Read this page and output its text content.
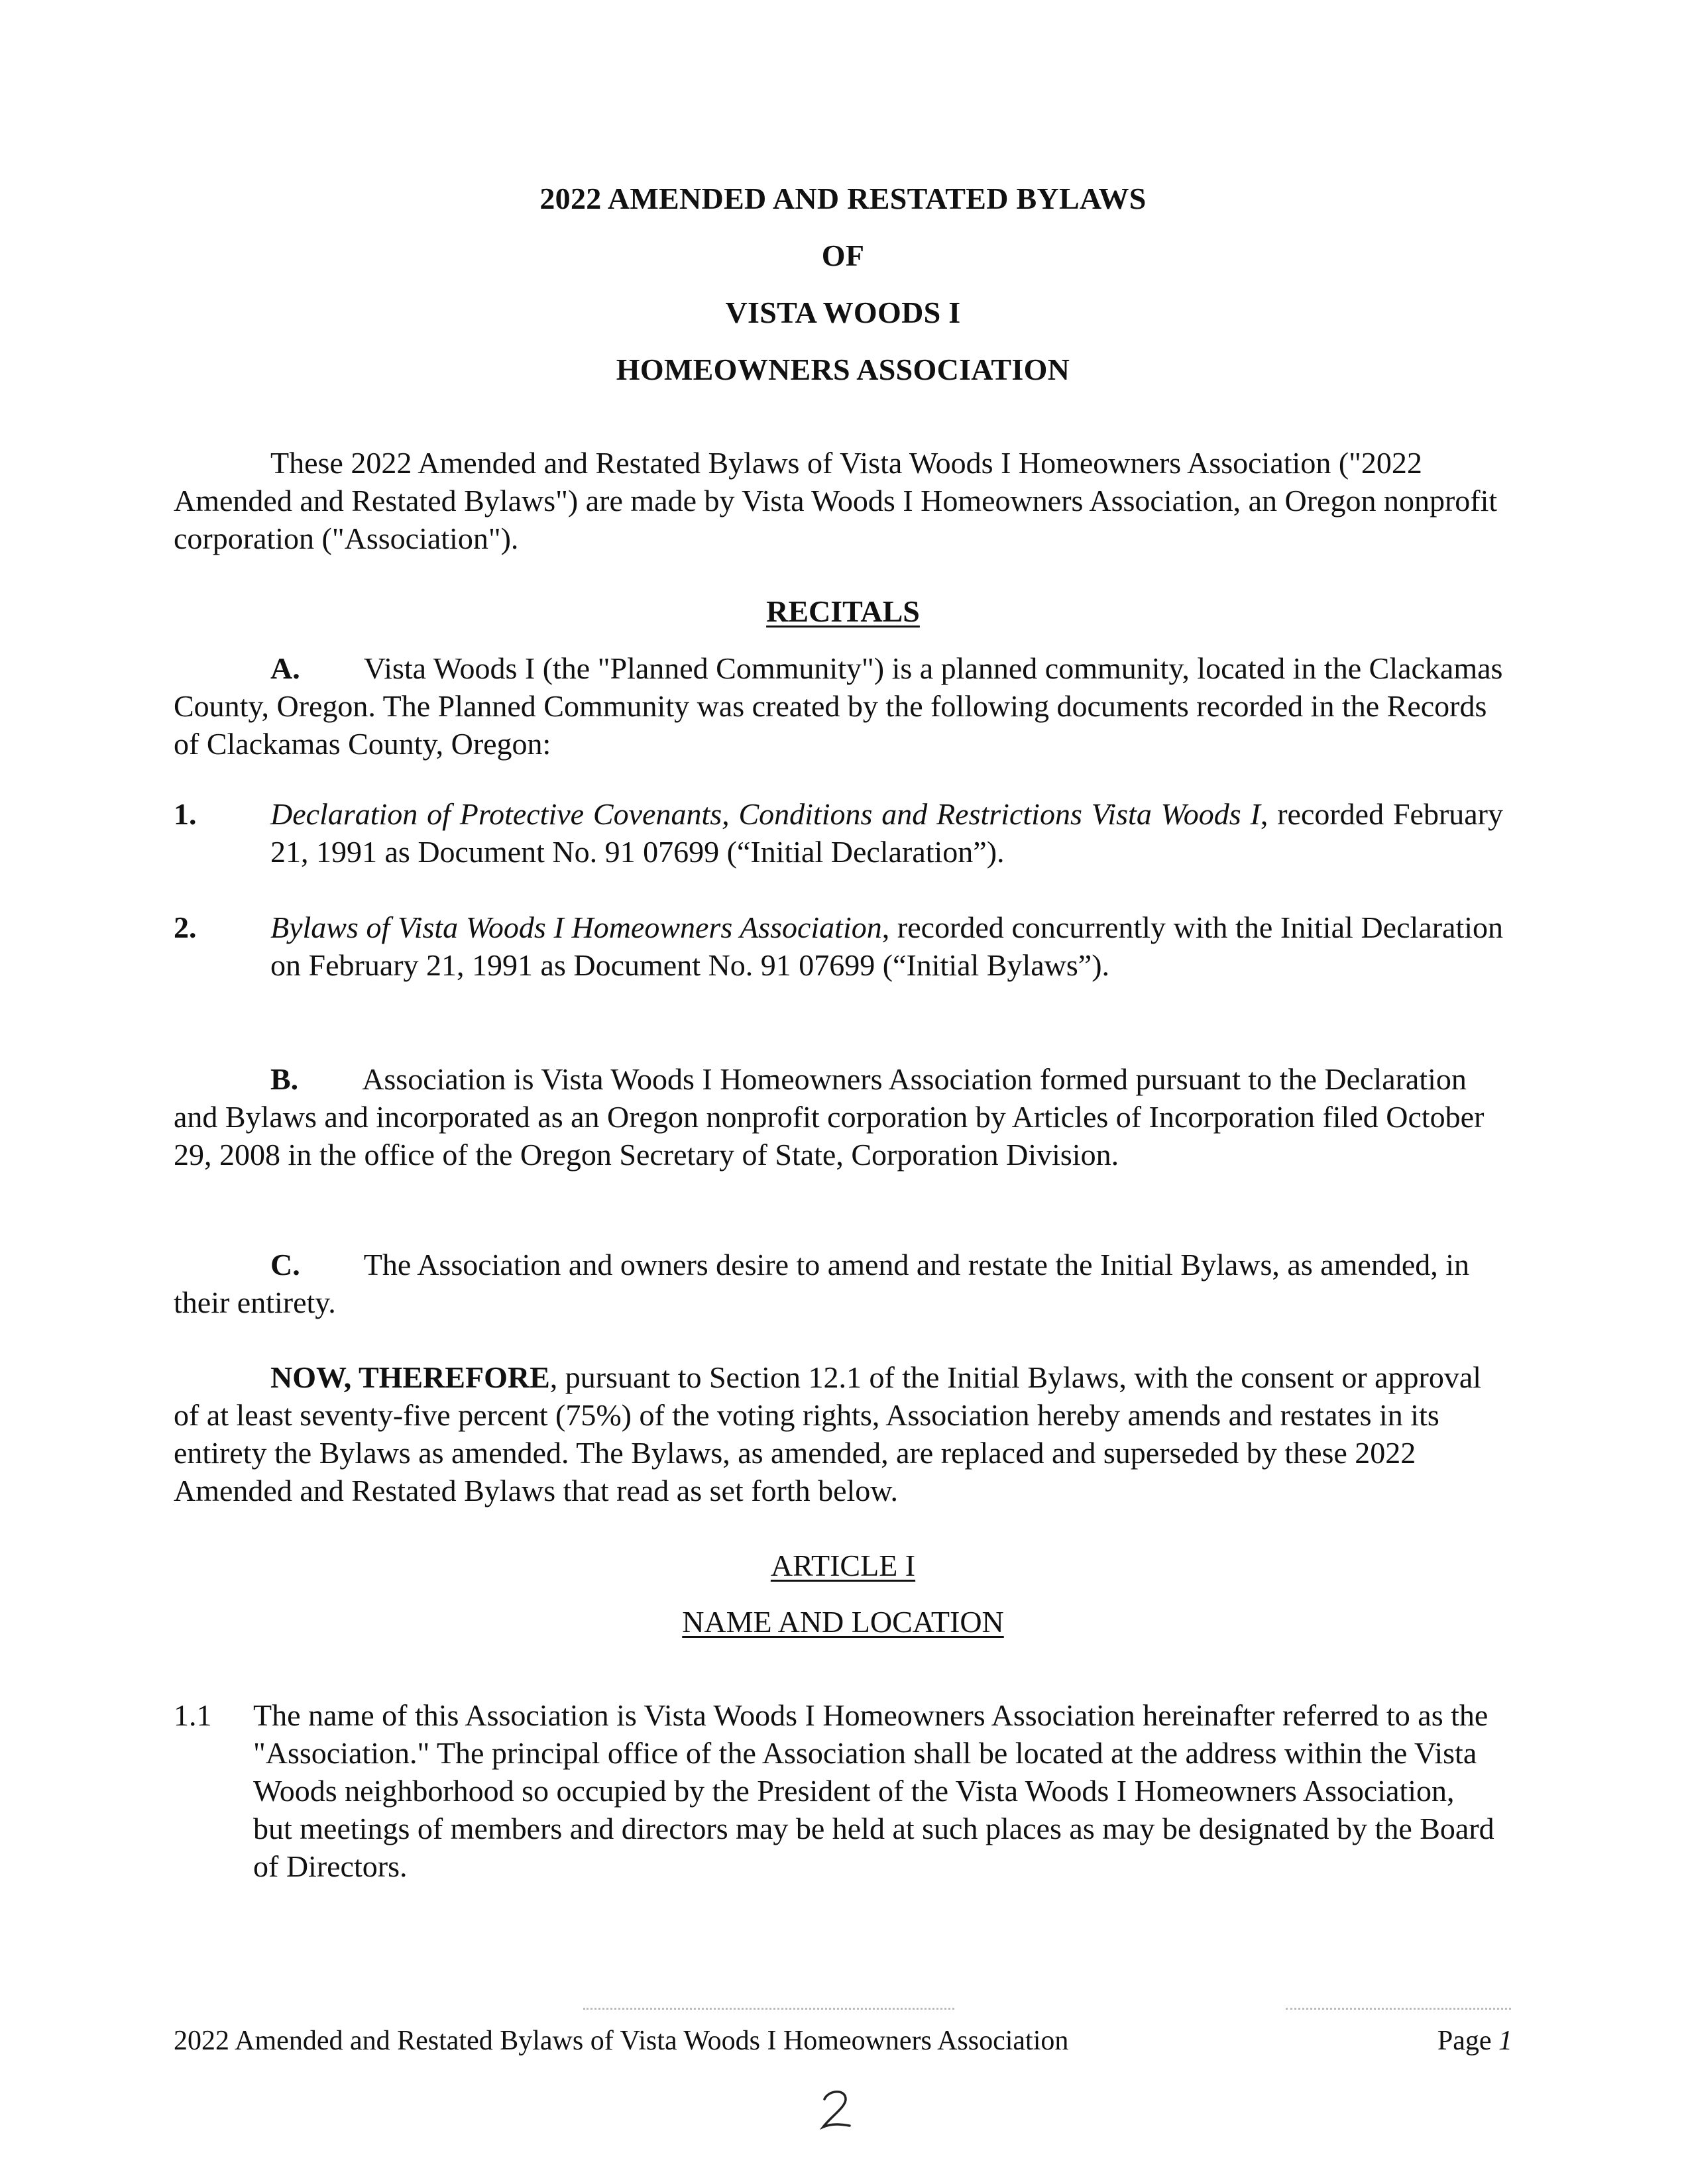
2022 AMENDED AND RESTATED BYLAWS
OF
VISTA WOODS I
HOMEOWNERS ASSOCIATION
These 2022 Amended and Restated Bylaws of Vista Woods I Homeowners Association ("2022 Amended and Restated Bylaws") are made by Vista Woods I Homeowners Association, an Oregon nonprofit corporation ("Association").
RECITALS
A. Vista Woods I (the "Planned Community") is a planned community, located in the Clackamas County, Oregon. The Planned Community was created by the following documents recorded in the Records of Clackamas County, Oregon:
1. Declaration of Protective Covenants, Conditions and Restrictions Vista Woods I, recorded February 21, 1991 as Document No. 91 07699 (“Initial Declaration”).
2. Bylaws of Vista Woods I Homeowners Association, recorded concurrently with the Initial Declaration on February 21, 1991 as Document No. 91 07699 (“Initial Bylaws”).
B. Association is Vista Woods I Homeowners Association formed pursuant to the Declaration and Bylaws and incorporated as an Oregon nonprofit corporation by Articles of Incorporation filed October 29, 2008 in the office of the Oregon Secretary of State, Corporation Division.
C. The Association and owners desire to amend and restate the Initial Bylaws, as amended, in their entirety.
NOW, THEREFORE, pursuant to Section 12.1 of the Initial Bylaws, with the consent or approval of at least seventy-five percent (75%) of the voting rights, Association hereby amends and restates in its entirety the Bylaws as amended. The Bylaws, as amended, are replaced and superseded by these 2022 Amended and Restated Bylaws that read as set forth below.
ARTICLE I
NAME AND LOCATION
1.1 The name of this Association is Vista Woods I Homeowners Association hereinafter referred to as the "Association." The principal office of the Association shall be located at the address within the Vista Woods neighborhood so occupied by the President of the Vista Woods I Homeowners Association, but meetings of members and directors may be held at such places as may be designated by the Board of Directors.
2022 Amended and Restated Bylaws of Vista Woods I Homeowners Association	Page 1
